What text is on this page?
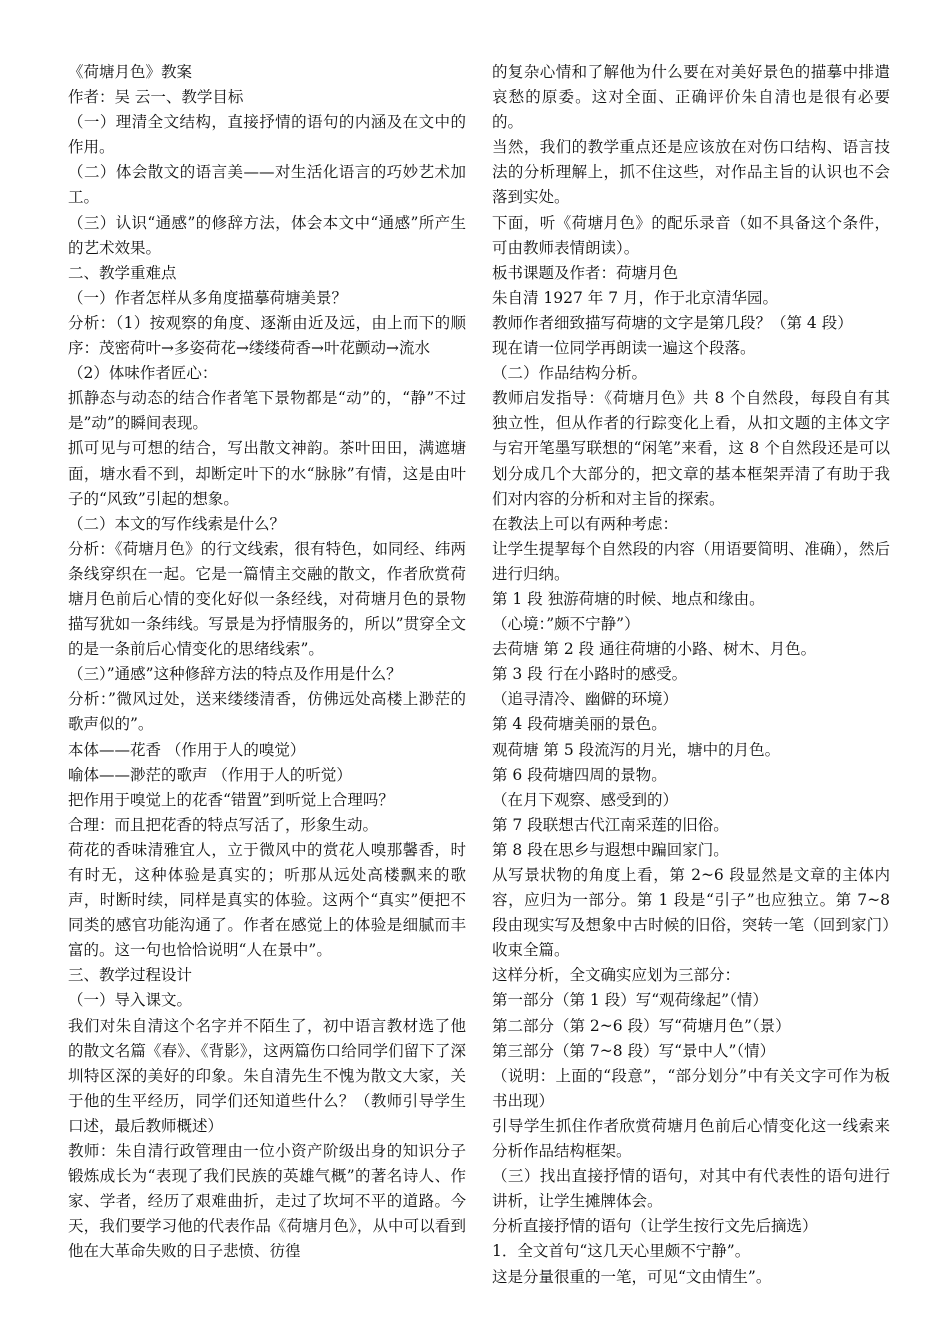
《荷塘月色》教案

作者：吴 云一、教学目标

（一）理清全文结构，直接抒情的语句的内涵及在文中的作用。

（二）体会散文的语言美——对生活化语言的巧妙艺术加工。

（三）认识“通感”的修辞方法，体会本文中“通感”所产生的艺术效果。

二、教学重难点

（一）作者怎样从多角度描摹荷塘美景？

分析：（1）按观察的角度、逐渐由近及远，由上而下的顺序：茂密荷叶→多姿荷花→缕缕荷香→叶花颤动→流水

（2）体味作者匠心：

抓静态与动态的结合作者笔下景物都是“动”的，“静”不过是”动”的瞬间表现。

抓可见与可想的结合，写出散文神韵。茶叶田田，满遮塘面，塘水看不到，却断定叶下的水“脉脉”有情，这是由叶子的“风致”引起的想象。

（二）本文的写作线索是什么？

分析：《荷塘月色》的行文线索，很有特色，如同经、纬两条线穿织在一起。它是一篇情主交融的散文，作者欣赏荷塘月色前后心情的变化好似一条经线，对荷塘月色的景物描写犹如一条纬线。写景是为抒情服务的，所以”贯穿全文的是一条前后心情变化的思绪线索”。

（三）”通感”这种修辞方法的特点及作用是什么？

分析：”微风过处，送来缕缕清香，仿佛远处高楼上渺茫的歌声似的”。

本体——花香 （作用于人的嗅觉）

喻体——渺茫的歌声 （作用于人的听觉）

把作用于嗅觉上的花香“错置”到听觉上合理吗？

合理：而且把花香的特点写活了，形象生动。

荷花的香味清雅宜人，立于微风中的赏花人嗅那馨香，时有时无，这种体验是真实的；听那从远处高楼飘来的歌声，时断时续，同样是真实的体验。这两个“真实”便把不同类的感官功能沟通了。作者在感觉上的体验是细腻而丰富的。这一句也恰恰说明“人在景中”。

三、教学过程设计

（一）导入课文。

我们对朱自清这个名字并不陌生了，初中语言教材选了他的散文名篇《春》、《背影》，这两篇伤口给同学们留下了深圳特区深的美好的印象。朱自清先生不愧为散文大家，关于他的生平经历，同学们还知道些什么？（教师引导学生口述，最后教师概述）

教师：朱自清行政管理由一位小资产阶级出身的知识分子锻炼成长为“表现了我们民族的英雄气概”的著名诗人、作家、学者，经历了艰难曲折，走过了坎坷不平的道路。今天，我们要学习他的代表作品《荷塘月色》，从中可以看到他在大革命失败的日子悲愤、彷徨

的复杂心情和了解他为什么要在对美好景色的描摹中排遣哀愁的原委。这对全面、正确评价朱自清也是很有必要的。

当然，我们的教学重点还是应该放在对伤口结构、语言技法的分析理解上，抓不住这些，对作品主旨的认识也不会落到实处。

下面，听《荷塘月色》的配乐录音（如不具备这个条件，可由教师表情朗读）。

板书课题及作者：荷塘月色

朱自清 1927 年 7 月，作于北京清华园。

教师作者细致描写荷塘的文字是第几段？（第 4 段）

现在请一位同学再朗读一遍这个段落。

（二）作品结构分析。

教师启发指导：《荷塘月色》共 8 个自然段，每段自有其独立性，但从作者的行踪变化上看，从扣文题的主体文字与宕开笔墨写联想的“闲笔”来看，这 8 个自然段还是可以划分成几个大部分的，把文章的基本框架弄清了有助于我们对内容的分析和对主旨的探索。

在教法上可以有两种考虑：

让学生提挈每个自然段的内容（用语要简明、准确），然后进行归纳。

第 1 段 独游荷塘的时候、地点和缘由。

（心境：”颇不宁静”）

去荷塘 第 2 段 通往荷塘的小路、树木、月色。

第 3 段 行在小路时的感受。

（追寻清冷、幽僻的环境）

第 4 段荷塘美丽的景色。

观荷塘 第 5 段流泻的月光，塘中的月色。

第 6 段荷塘四周的景物。

（在月下观察、感受到的）

第 7 段联想古代江南采莲的旧俗。

第 8 段在思乡与遐想中蹁回家门。

从写景状物的角度上看，第 2~6 段显然是文章的主体内容，应归为一部分。第 1 段是“引子”也应独立。第 7~8 段由现实写及想象中古时候的旧俗，突转一笔（回到家门）收束全篇。

这样分析，全文确实应划为三部分：

第一部分（第 1 段）写“观荷缘起”（情）

第二部分（第 2~6 段）写“荷塘月色”（景）

第三部分（第 7~8 段）写“景中人”（情）

（说明：上面的“段意”，“部分划分”中有关文字可作为板书出现）

引导学生抓住作者欣赏荷塘月色前后心情变化这一线索来分析作品结构框架。

（三）找出直接抒情的语句，对其中有代表性的语句进行讲析，让学生摊牌体会。

分析直接抒情的语句（让学生按行文先后摘选）

1．全文首句“这几天心里颇不宁静”。

这是分量很重的一笔，可见“文由情生”。
